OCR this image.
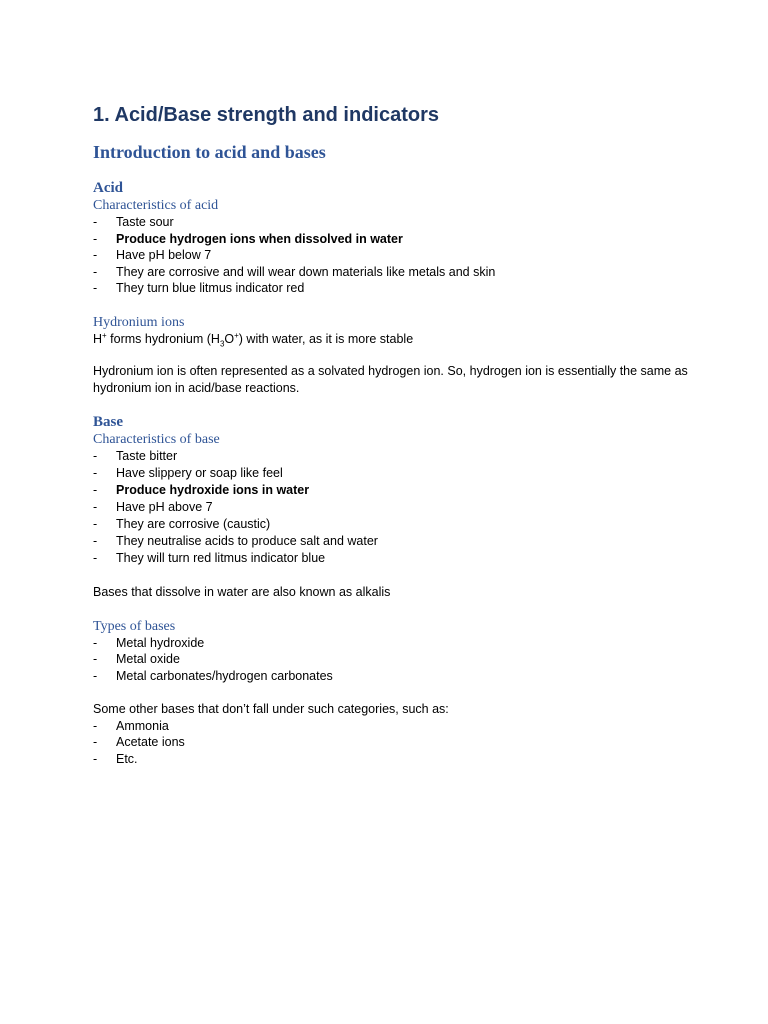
1. Acid/Base strength and indicators
Introduction to acid and bases
Acid
Characteristics of acid
- Taste sour
- Produce hydrogen ions when dissolved in water
- Have pH below 7
- They are corrosive and will wear down materials like metals and skin
- They turn blue litmus indicator red
Hydronium ions

H+ forms hydronium $(H_3O^+)$ with water, as it is more stable

Hydronium ion is often represented as a solvated hydrogen ion. So, hydrogen ion is essentially the same as hydronium ion in acid/base reactions.

Base
Characteristics of base
- Taste bitter
- Have slippery or soap like feel
- Produce hydroxide ions in water
- Have pH above 7
- They are corrosive (caustic)
- They neutralise acids to produce salt and water
- They will turn red litmus indicator blue

Bases that dissolve in water are also known as alkalis

Types of bases
- Metal hydroxide
- Metal oxide
- Metal carbonates/hydrogen carbonates

Some other bases that don’t fall under such categories, such as:

- Ammonia
- Acetate ions
- Etc.
